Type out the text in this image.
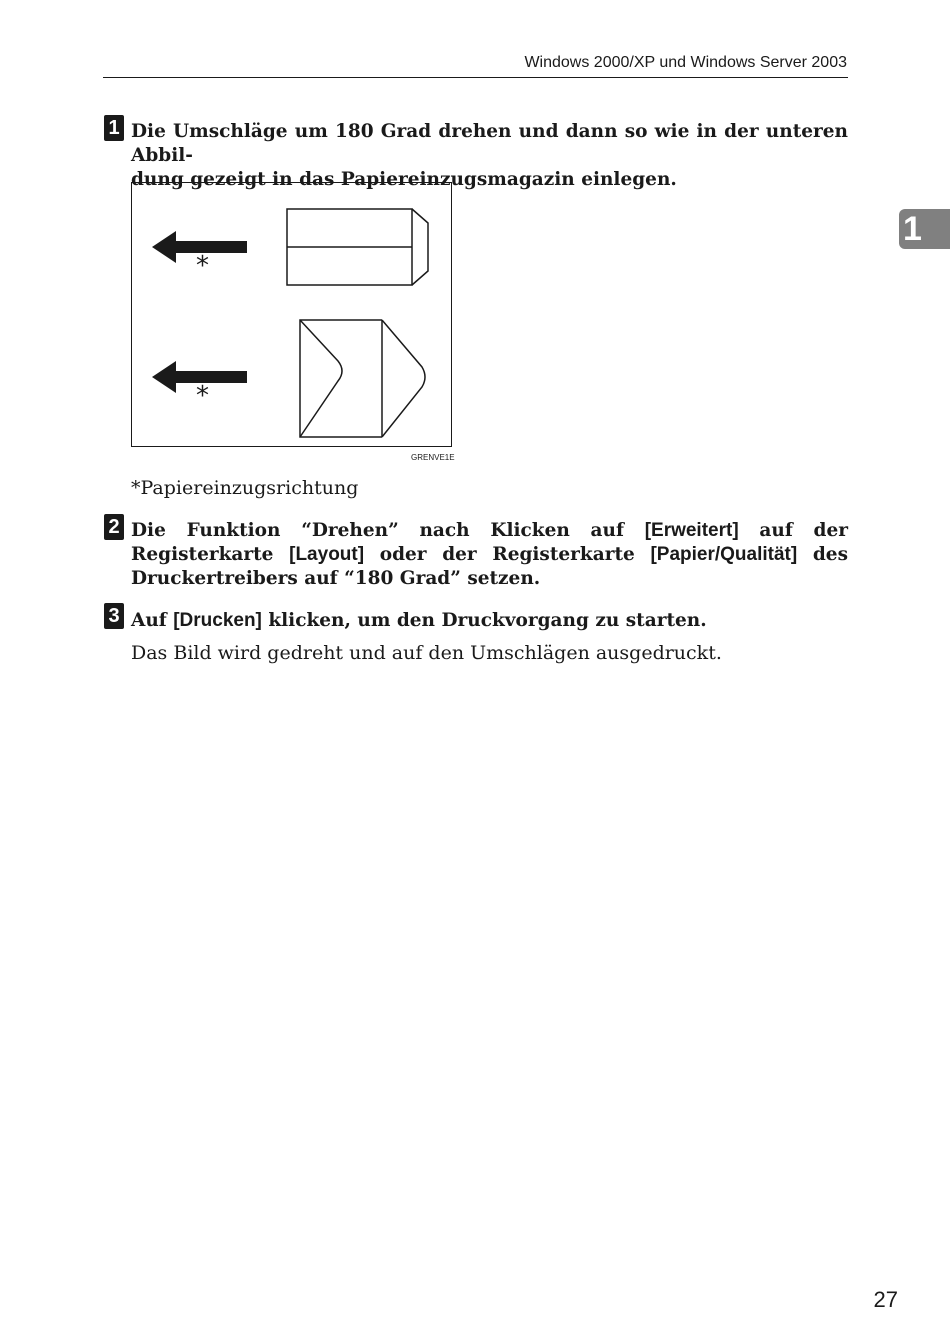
Windows 2000/XP und Windows Server 2003
1
1 Die Umschläge um 180 Grad drehen und dann so wie in der unteren Abbil-
dung gezeigt in das Papiereinzugsmagazin einlegen.

*
*
GRENVE1E
*Papiereinzugsrichtung
2 Die Funktion “Drehen” nach Klicken auf [Erweitert] auf der Registerkarte [Layout] oder der Registerkarte [Papier/Qualität] des Druckertreibers auf “180 Grad” setzen.

3 Auf [Drucken] klicken, um den Druckvorgang zu starten.

Das Bild wird gedreht und auf den Umschlägen ausgedruckt.
27
